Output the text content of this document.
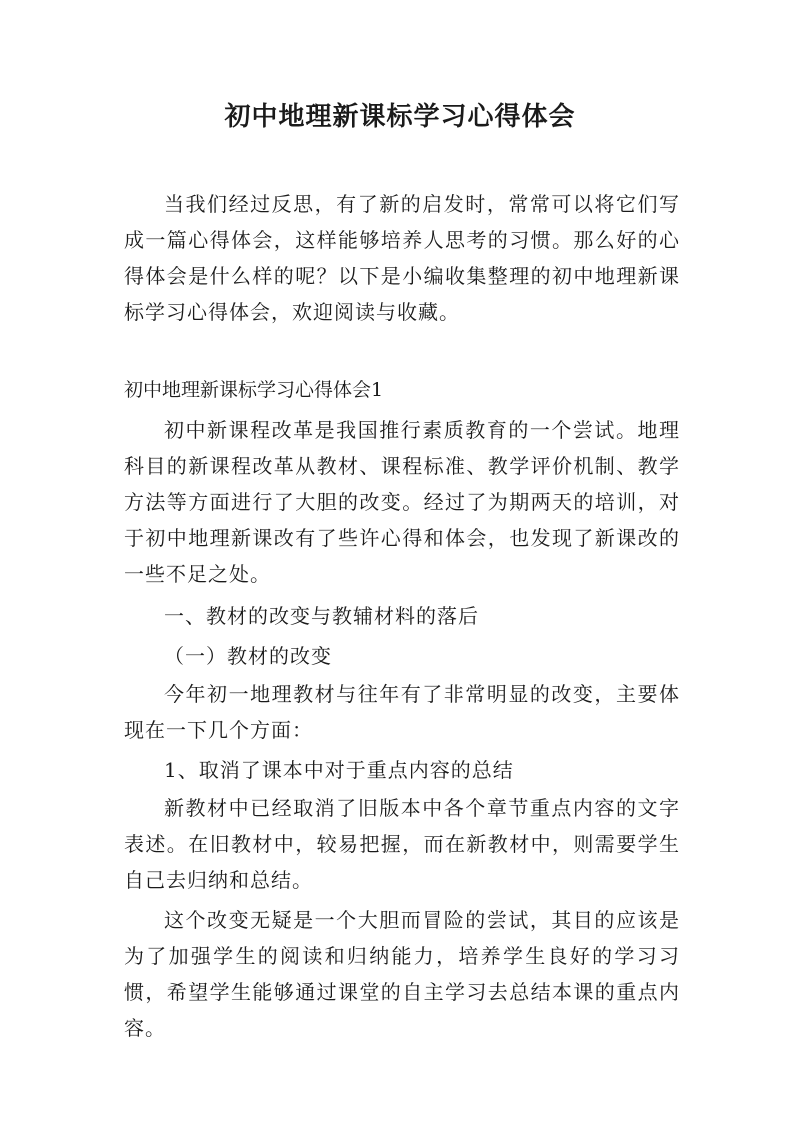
初中地理新课标学习心得体会

当我们经过反思，有了新的启发时，常常可以将它们写成一篇心得体会，这样能够培养人思考的习惯。那么好的心得体会是什么样的呢？以下是小编收集整理的初中地理新课标学习心得体会，欢迎阅读与收藏。

初中地理新课标学习心得体会1

初中新课程改革是我国推行素质教育的一个尝试。地理科目的新课程改革从教材、课程标准、教学评价机制、教学方法等方面进行了大胆的改变。经过了为期两天的培训，对于初中地理新课改有了些许心得和体会，也发现了新课改的一些不足之处。

一、教材的改变与教辅材料的落后

（一）教材的改变

今年初一地理教材与往年有了非常明显的改变，主要体现在一下几个方面：

1、取消了课本中对于重点内容的总结

新教材中已经取消了旧版本中各个章节重点内容的文字表述。在旧教材中，较易把握，而在新教材中，则需要学生自己去归纳和总结。

这个改变无疑是一个大胆而冒险的尝试，其目的应该是为了加强学生的阅读和归纳能力，培养学生良好的学习习惯，希望学生能够通过课堂的自主学习去总结本课的重点内容。
